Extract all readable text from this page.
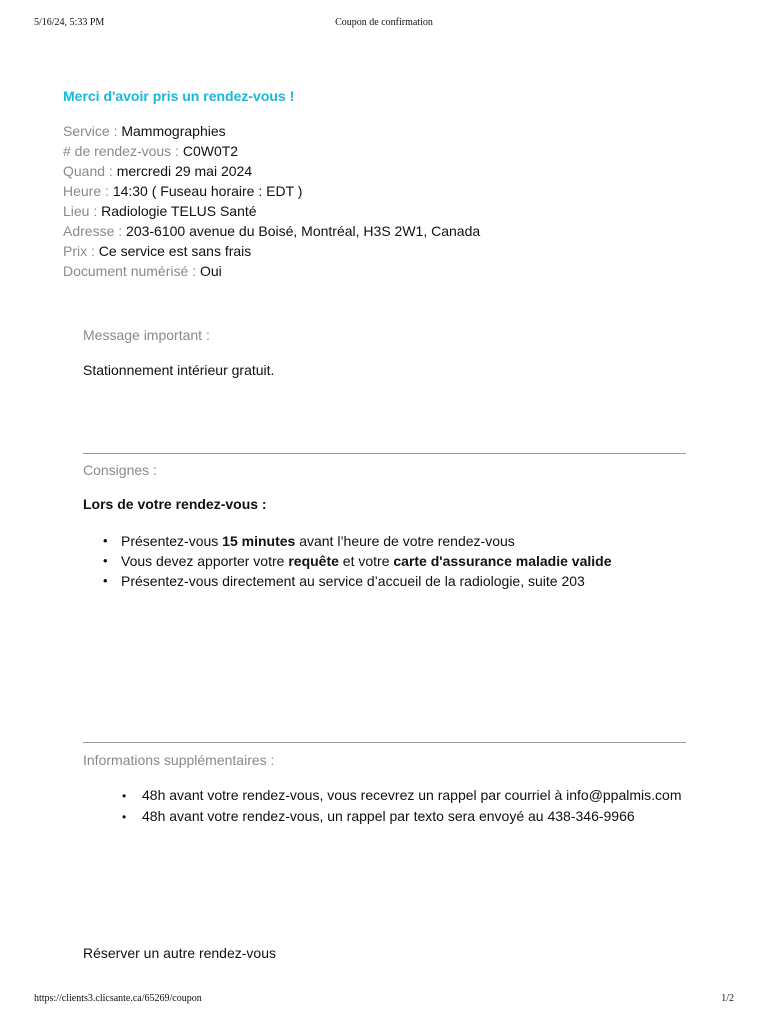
5/16/24, 5:33 PM	Coupon de confirmation
Merci d'avoir pris un rendez-vous !
Service : Mammographies
# de rendez-vous : C0W0T2
Quand : mercredi 29 mai 2024
Heure : 14:30 ( Fuseau horaire : EDT )
Lieu : Radiologie TELUS Santé
Adresse : 203-6100 avenue du Boisé, Montréal, H3S 2W1, Canada
Prix : Ce service est sans frais
Document numérisé : Oui
Message important :
Stationnement intérieur gratuit.
Consignes :
Lors de votre rendez-vous :
• Présentez-vous 15 minutes avant l’heure de votre rendez-vous
• Vous devez apporter votre requête et votre carte d'assurance maladie valide
• Présentez-vous directement au service d’accueil de la radiologie, suite 203
Informations supplémentaires :

• 48h avant votre rendez-vous, vous recevrez un rappel par courriel à info@ppalmis.com

• 48h avant votre rendez-vous, un rappel par texto sera envoyé au 438-346-9966

Réserver un autre rendez-vous
https://clients3.clicsante.ca/65269/coupon	1/2
